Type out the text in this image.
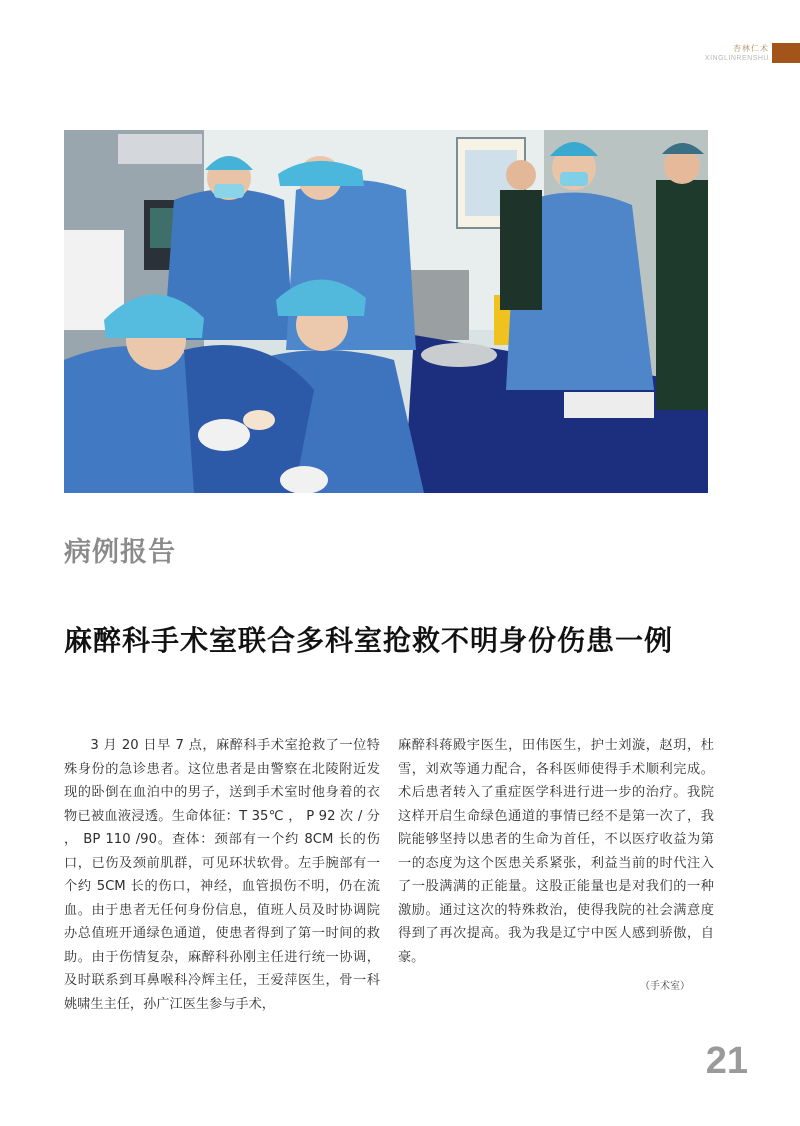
杏林仁术
XINGLINRENSHU
病例报告
麻醉科手术室联合多科室抢救不明身份伤患一例

3 月 20 日早 7 点，麻醉科手术室抢救了一位特殊身份的急诊患者。这位患者是由警察在北陵附近发现的卧倒在血泊中的男子，送到手术室时他身着的衣物已被血液浸透。生命体征：T 35℃ ， P 92 次 / 分 ， BP 110 /90。查体：颈部有一个约 8CM 长的伤口，已伤及颈前肌群，可见环状软骨。左手腕部有一个约 5CM 长的伤口，神经，血管损伤不明，仍在流血。由于患者无任何身份信息，值班人员及时协调院办总值班开通绿色通道，使患者得到了第一时间的救助。由于伤情复杂，麻醉科孙刚主任进行统一协调，及时联系到耳鼻喉科冷辉主任，王爱萍医生，骨一科姚啸生主任，孙广江医生参与手术，

麻醉科蒋殿宇医生，田伟医生，护士刘漩，赵玥，杜雪，刘欢等通力配合，各科医师使得手术顺利完成。术后患者转入了重症医学科进行进一步的治疗。我院这样开启生命绿色通道的事情已经不是第一次了，我院能够坚持以患者的生命为首任，不以医疗收益为第一的态度为这个医患关系紧张，利益当前的时代注入了一股满满的正能量。这股正能量也是对我们的一种激励。通过这次的特殊救治，使得我院的社会满意度得到了再次提高。我为我是辽宁中医人感到骄傲，自豪。

（手术室）
21
